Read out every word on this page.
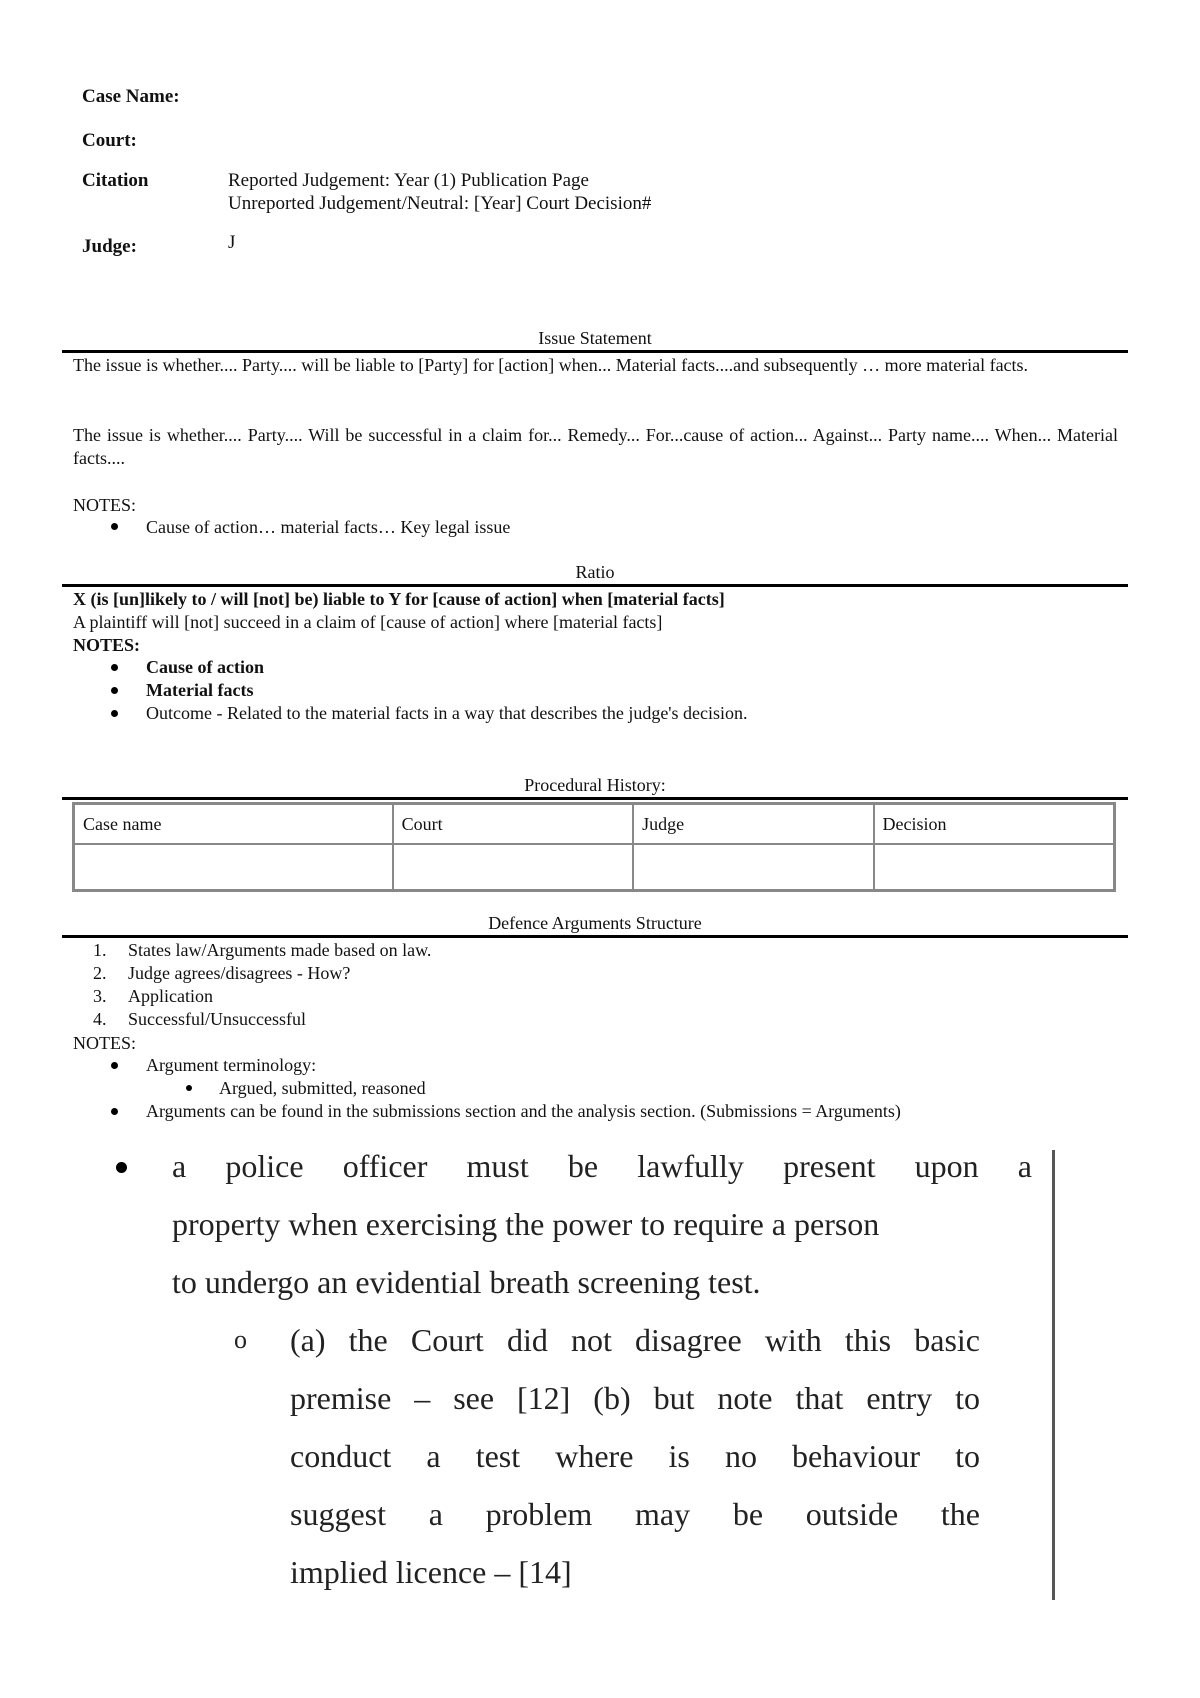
Case Name:
Court:
Citation	Reported Judgement: Year (1) Publication Page
Unreported Judgement/Neutral: [Year] Court Decision#
Judge:	J
Issue Statement
The issue is whether.... Party.... will be liable to [Party] for [action] when... Material facts....and subsequently … more material facts.
The issue is whether.... Party.... Will be successful in a claim for... Remedy... For...cause of action... Against... Party name.... When... Material facts....
NOTES:
Cause of action… material facts… Key legal issue
Ratio
X (is [un]likely to / will [not] be) liable to Y for [cause of action] when [material facts]
A plaintiff will [not] succeed in a claim of [cause of action] where [material facts]
NOTES:
Cause of action
Material facts
Outcome - Related to the material facts in a way that describes the judge's decision.
Procedural History:
Case name	Court	Judge	Decision

Defence Arguments Structure
1. States law/Arguments made based on law.
2. Judge agrees/disagrees - How?
3. Application
4. Successful/Unsuccessful
NOTES:
Argument terminology:
Argued, submitted, reasoned
Arguments can be found in the submissions section and the analysis section. (Submissions = Arguments)
a police officer must be lawfully present upon a
property when exercising the power to require a person
to undergo an evidential breath screening test.
o (a) the Court did not disagree with this basic
premise – see [12] (b) but note that entry to
conduct a test where is no behaviour to
suggest a problem may be outside the
implied licence – [14]
